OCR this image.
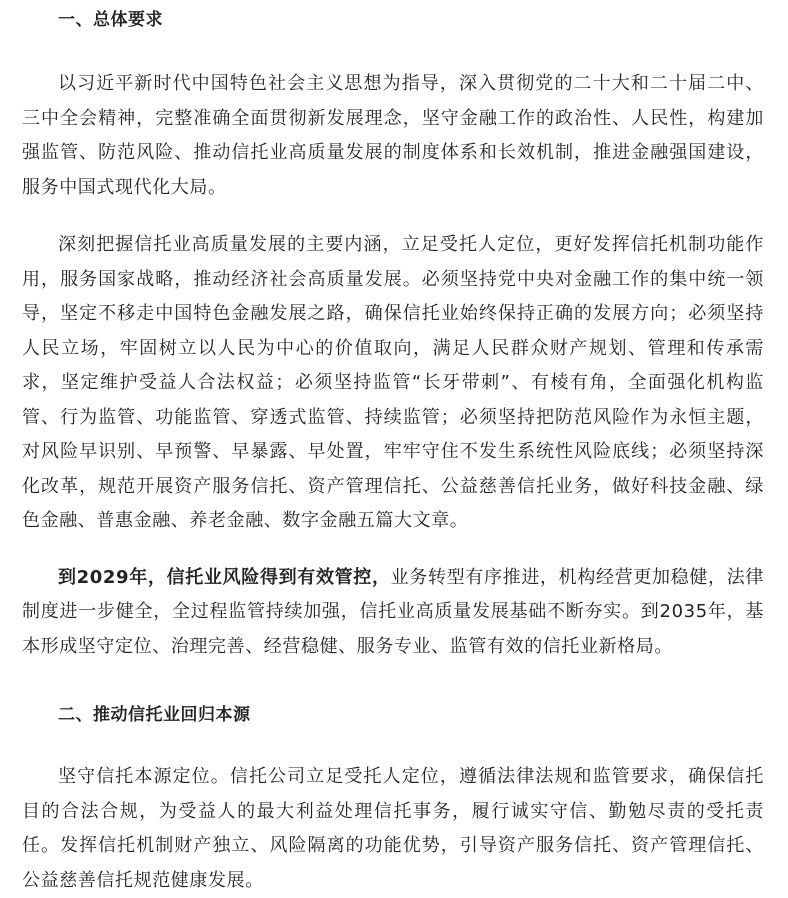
一、总体要求

以习近平新时代中国特色社会主义思想为指导，深入贯彻党的二十大和二十届二中、三中全会精神，完整准确全面贯彻新发展理念，坚守金融工作的政治性、人民性，构建加强监管、防范风险、推动信托业高质量发展的制度体系和长效机制，推进金融强国建设，服务中国式现代化大局。

深刻把握信托业高质量发展的主要内涵，立足受托人定位，更好发挥信托机制功能作用，服务国家战略，推动经济社会高质量发展。必须坚持党中央对金融工作的集中统一领导，坚定不移走中国特色金融发展之路，确保信托业始终保持正确的发展方向；必须坚持人民立场，牢固树立以人民为中心的价值取向，满足人民群众财产规划、管理和传承需求，坚定维护受益人合法权益；必须坚持监管“长牙带刺”、有棱有角，全面强化机构监管、行为监管、功能监管、穿透式监管、持续监管；必须坚持把防范风险作为永恒主题，对风险早识别、早预警、早暴露、早处置，牢牢守住不发生系统性风险底线；必须坚持深化改革，规范开展资产服务信托、资产管理信托、公益慈善信托业务，做好科技金融、绿色金融、普惠金融、养老金融、数字金融五篇大文章。

到2029年，信托业风险得到有效管控，业务转型有序推进，机构经营更加稳健，法律制度进一步健全，全过程监管持续加强，信托业高质量发展基础不断夯实。到2035年，基本形成坚守定位、治理完善、经营稳健、服务专业、监管有效的信托业新格局。

二、推动信托业回归本源

坚守信托本源定位。信托公司立足受托人定位，遵循法律法规和监管要求，确保信托目的合法合规，为受益人的最大利益处理信托事务，履行诚实守信、勤勉尽责的受托责任。发挥信托机制财产独立、风险隔离的功能优势，引导资产服务信托、资产管理信托、公益慈善信托规范健康发展。
